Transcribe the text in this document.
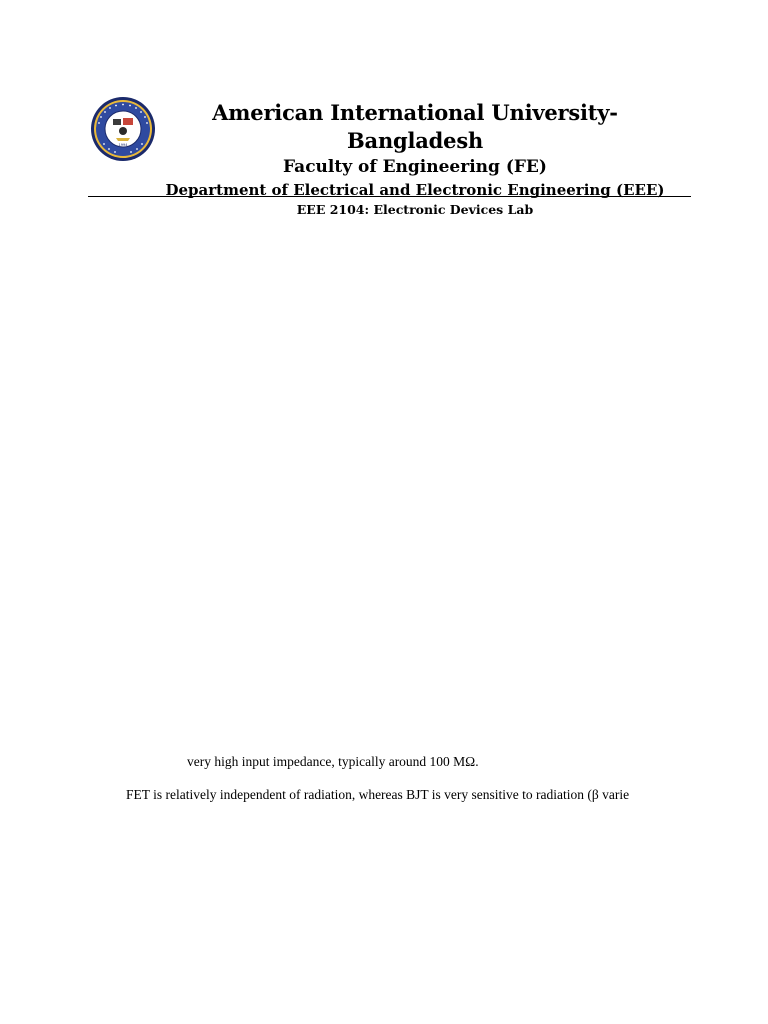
1994
American International University- Bangladesh
Faculty of Engineering (FE)
Department of Electrical and Electronic Engineering (EEE)
EEE 2104: Electronic Devices Lab
very high input impedance, typically around 100 MΩ.
FET is relatively independent of radiation, whereas BJT is very sensitive to radiation (β varie
